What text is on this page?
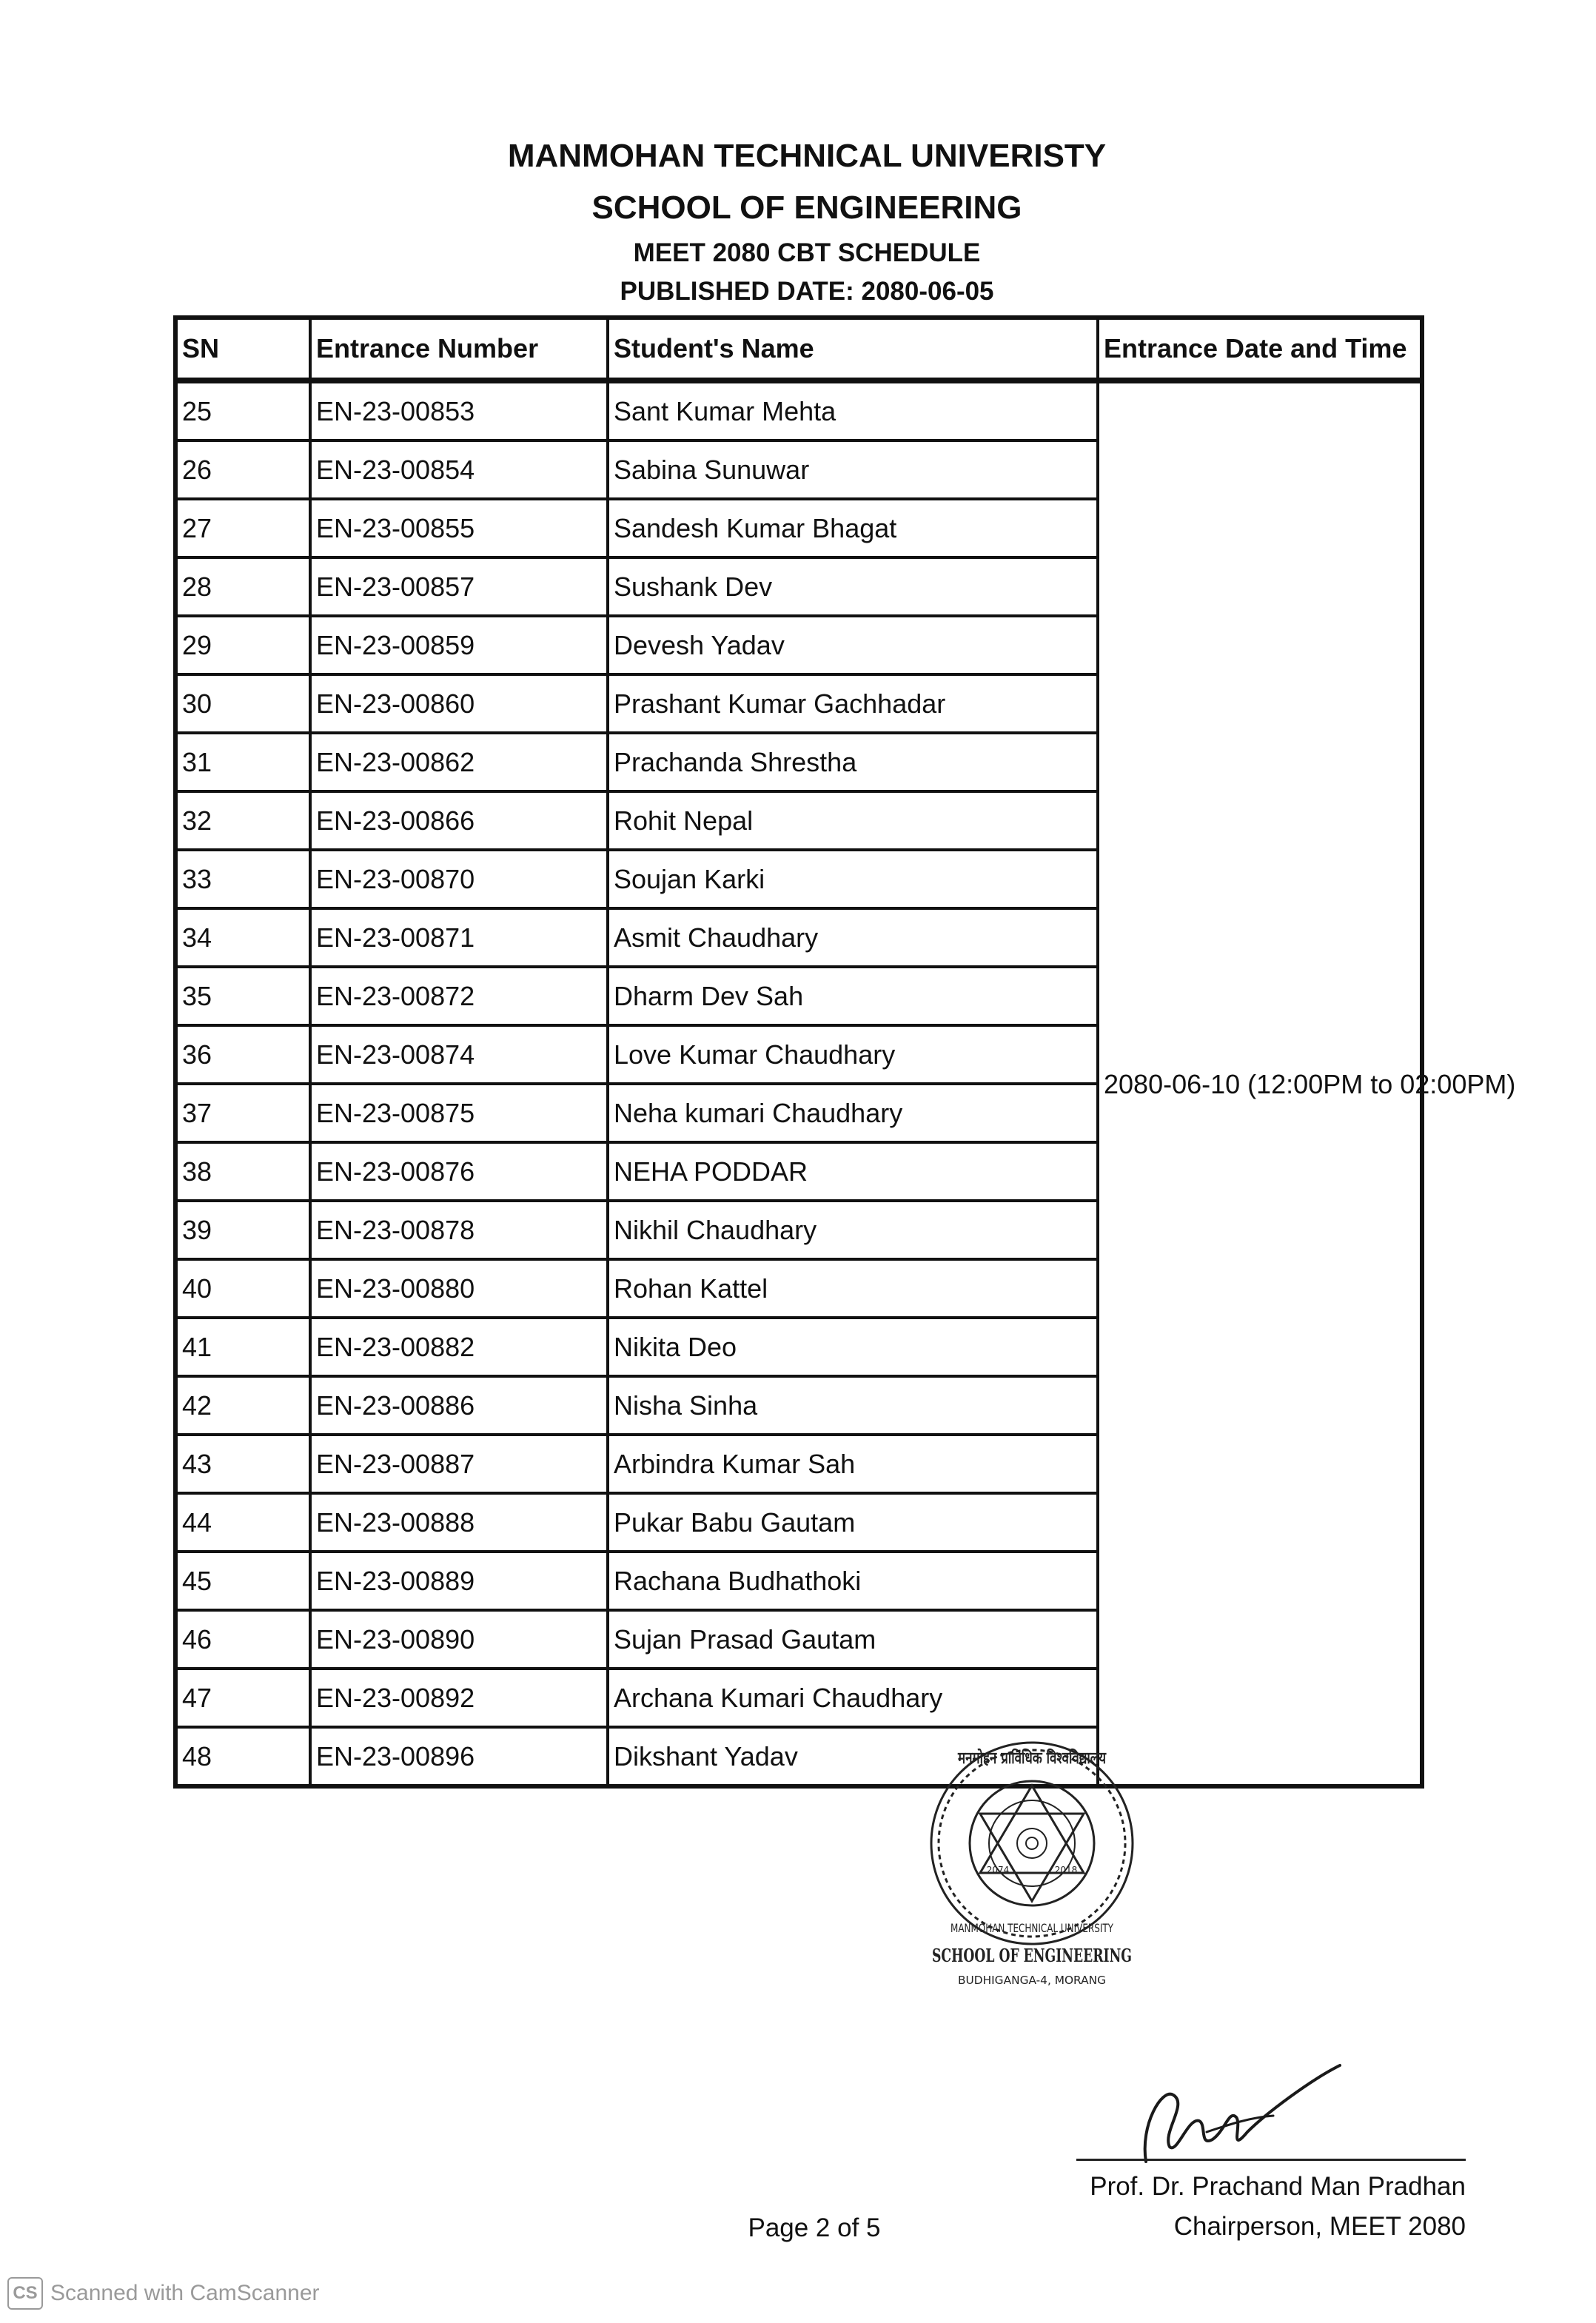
MANMOHAN TECHNICAL UNIVERISTY
SCHOOL OF ENGINEERING
MEET 2080 CBT SCHEDULE
PUBLISHED DATE: 2080-06-05
SN	Entrance Number	Student's Name	Entrance Date and Time
25	EN-23-00853	Sant Kumar Mehta	2080-06-10 (12:00PM to 02:00PM)
26	EN-23-00854	Sabina Sunuwar	
27	EN-23-00855	Sandesh Kumar Bhagat	
28	EN-23-00857	Sushank Dev	
29	EN-23-00859	Devesh Yadav	
30	EN-23-00860	Prashant Kumar Gachhadar	
31	EN-23-00862	Prachanda Shrestha	
32	EN-23-00866	Rohit Nepal	
33	EN-23-00870	Soujan Karki	
34	EN-23-00871	Asmit Chaudhary	
35	EN-23-00872	Dharm Dev Sah	
36	EN-23-00874	Love Kumar Chaudhary	
37	EN-23-00875	Neha kumari Chaudhary	
38	EN-23-00876	NEHA PODDAR	
39	EN-23-00878	Nikhil Chaudhary	
40	EN-23-00880	Rohan Kattel	
41	EN-23-00882	Nikita Deo	
42	EN-23-00886	Nisha Sinha	
43	EN-23-00887	Arbindra Kumar Sah	
44	EN-23-00888	Pukar Babu Gautam	
45	EN-23-00889	Rachana Budhathoki	
46	EN-23-00890	Sujan Prasad Gautam	
47	EN-23-00892	Archana Kumari Chaudhary	
48	EN-23-00896	Dikshant Yadav		मनमोहन प्राविधिक विश्वविद्यालय
MANMOHAN TECHNICAL UNIVERSITY
2074	2018
SCHOOL OF ENGINEERING
BUDHIGANGA-4, MORANG
Prof. Dr. Prachand Man Pradhan
Chairperson, MEET 2080
Page 2 of 5
CS Scanned with CamScanner
